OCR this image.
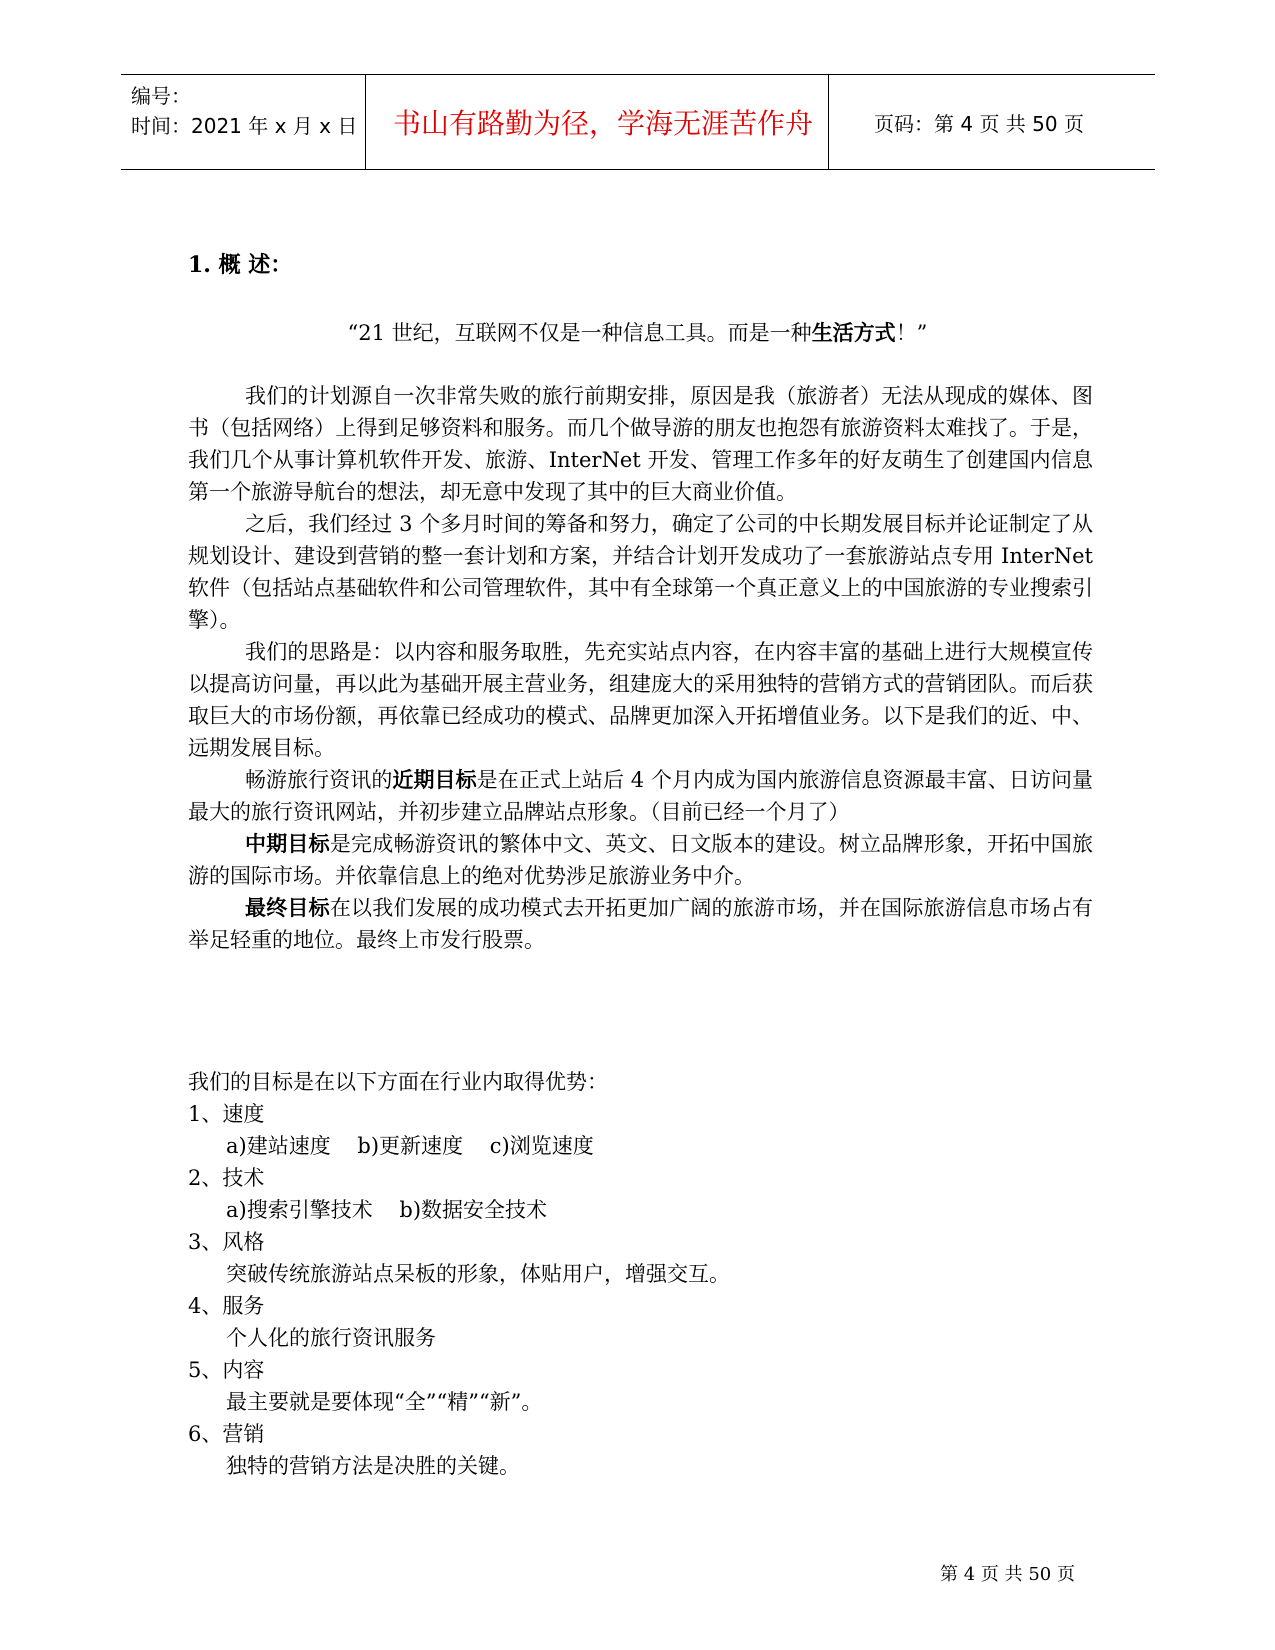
编号：
时间：2021 年 x 月 x 日	书山有路勤为径，学海无涯苦作舟	页码：第 4 页 共 50 页
1. 概 述：
“21 世纪，互联网不仅是一种信息工具。而是一种生活方式！”

我们的计划源自一次非常失败的旅行前期安排，原因是我（旅游者）无法从现成的媒体、图书（包括网络）上得到足够资料和服务。而几个做导游的朋友也抱怨有旅游资料太难找了。于是，我们几个从事计算机软件开发、旅游、InterNet 开发、管理工作多年的好友萌生了创建国内信息第一个旅游导航台的想法，却无意中发现了其中的巨大商业价值。

之后，我们经过 3 个多月时间的筹备和努力，确定了公司的中长期发展目标并论证制定了从规划设计、建设到营销的整一套计划和方案，并结合计划开发成功了一套旅游站点专用 InterNet 软件（包括站点基础软件和公司管理软件，其中有全球第一个真正意义上的中国旅游的专业搜索引擎）。

我们的思路是：以内容和服务取胜，先充实站点内容，在内容丰富的基础上进行大规模宣传以提高访问量，再以此为基础开展主营业务，组建庞大的采用独特的营销方式的营销团队。而后获取巨大的市场份额，再依靠已经成功的模式、品牌更加深入开拓增值业务。以下是我们的近、中、远期发展目标。

畅游旅行资讯的近期目标是在正式上站后 4 个月内成为国内旅游信息资源最丰富、日访问量最大的旅行资讯网站，并初步建立品牌站点形象。（目前已经一个月了）

中期目标是完成畅游资讯的繁体中文、英文、日文版本的建设。树立品牌形象，开拓中国旅游的国际市场。并依靠信息上的绝对优势涉足旅游业务中介。

最终目标在以我们发展的成功模式去开拓更加广阔的旅游市场，并在国际旅游信息市场占有举足轻重的地位。最终上市发行股票。

我们的目标是在以下方面在行业内取得优势：
1、速度
a)建站速度    b)更新速度    c)浏览速度
2、技术
a)搜索引擎技术    b)数据安全技术
3、风格
突破传统旅游站点呆板的形象，体贴用户，增强交互。
4、服务
个人化的旅行资讯服务
5、内容
最主要就是要体现“全”“精”“新”。
6、营销
独特的营销方法是决胜的关键。
第 4 页 共 50 页
